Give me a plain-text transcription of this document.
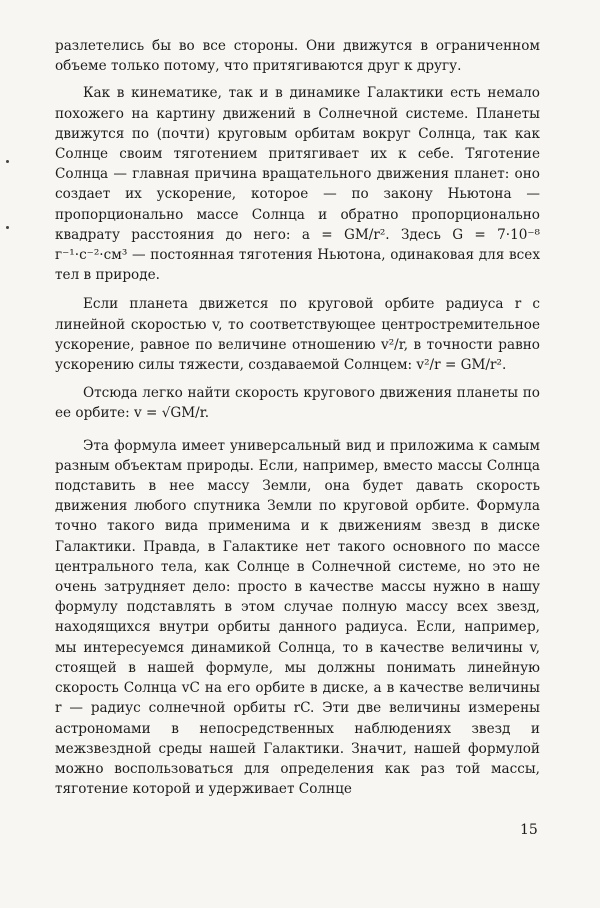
разлетелись бы во все стороны. Они движутся в ограниченном объеме только потому, что притягиваются друг к другу.

Как в кинематике, так и в динамике Галактики есть немало похожего на картину движений в Солнечной системе. Планеты движутся по (почти) круговым орбитам вокруг Солнца, так как Солнце своим тяготением притягивает их к себе. Тяготение Солнца — главная причина вращательного движения планет: оно создает их ускорение, которое — по закону Ньютона — пропорционально массе Солнца и обратно пропорционально квадрату расстояния до него: a = GM/r². Здесь G = 7·10⁻⁸ г⁻¹·с⁻²·см³ — постоянная тяготения Ньютона, одинаковая для всех тел в природе.

Если планета движется по круговой орбите радиуса r с линейной скоростью v, то соответствующее центростремительное ускорение, равное по величине отношению v²/r, в точности равно ускорению силы тяжести, создаваемой Солнцем: v²/r = GM/r².

Отсюда легко найти скорость кругового движения планеты по ее орбите: v = √GM/r.

Эта формула имеет универсальный вид и приложима к самым разным объектам природы. Если, например, вместо массы Солнца подставить в нее массу Земли, она будет давать скорость движения любого спутника Земли по круговой орбите. Формула точно такого вида применима и к движениям звезд в диске Галактики. Правда, в Галактике нет такого основного по массе центрального тела, как Солнце в Солнечной системе, но это не очень затрудняет дело: просто в качестве массы нужно в нашу формулу подставлять в этом случае полную массу всех звезд, находящихся внутри орбиты данного радиуса. Если, например, мы интересуемся динамикой Солнца, то в качестве величины v, стоящей в нашей формуле, мы должны понимать линейную скорость Солнца vC на его орбите в диске, а в качестве величины r — радиус солнечной орбиты rC. Эти две величины измерены астрономами в непосредственных наблюдениях звезд и межзвездной среды нашей Галактики. Значит, нашей формулой можно воспользоваться для определения как раз той массы, тяготение которой и удерживает Солнце

15
